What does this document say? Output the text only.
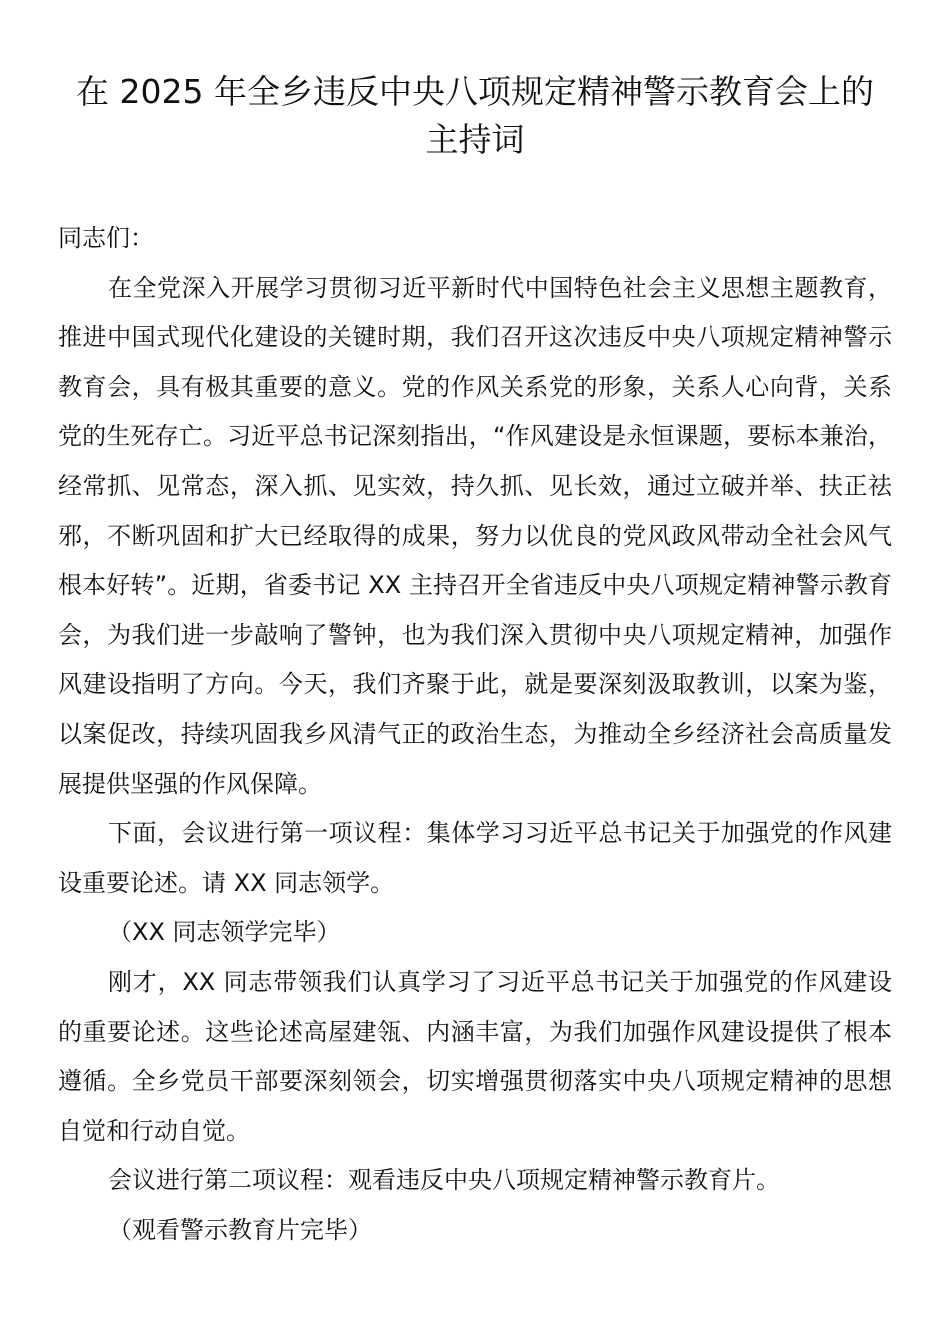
在 2025 年全乡违反中央八项规定精神警示教育会上的主持词

同志们：

在全党深入开展学习贯彻习近平新时代中国特色社会主义思想主题教育，推进中国式现代化建设的关键时期，我们召开这次违反中央八项规定精神警示教育会，具有极其重要的意义。党的作风关系党的形象，关系人心向背，关系党的生死存亡。习近平总书记深刻指出，“作风建设是永恒课题，要标本兼治，经常抓、见常态，深入抓、见实效，持久抓、见长效，通过立破并举、扶正祛邪，不断巩固和扩大已经取得的成果，努力以优良的党风政风带动全社会风气根本好转”。近期，省委书记 XX 主持召开全省违反中央八项规定精神警示教育会，为我们进一步敲响了警钟，也为我们深入贯彻中央八项规定精神，加强作风建设指明了方向。今天，我们齐聚于此，就是要深刻汲取教训，以案为鉴，以案促改，持续巩固我乡风清气正的政治生态，为推动全乡经济社会高质量发展提供坚强的作风保障。

下面，会议进行第一项议程：集体学习习近平总书记关于加强党的作风建设重要论述。请 XX 同志领学。

（XX 同志领学完毕）

刚才，XX 同志带领我们认真学习了习近平总书记关于加强党的作风建设的重要论述。这些论述高屋建瓴、内涵丰富，为我们加强作风建设提供了根本遵循。全乡党员干部要深刻领会，切实增强贯彻落实中央八项规定精神的思想自觉和行动自觉。

会议进行第二项议程：观看违反中央八项规定精神警示教育片。

（观看警示教育片完毕）
